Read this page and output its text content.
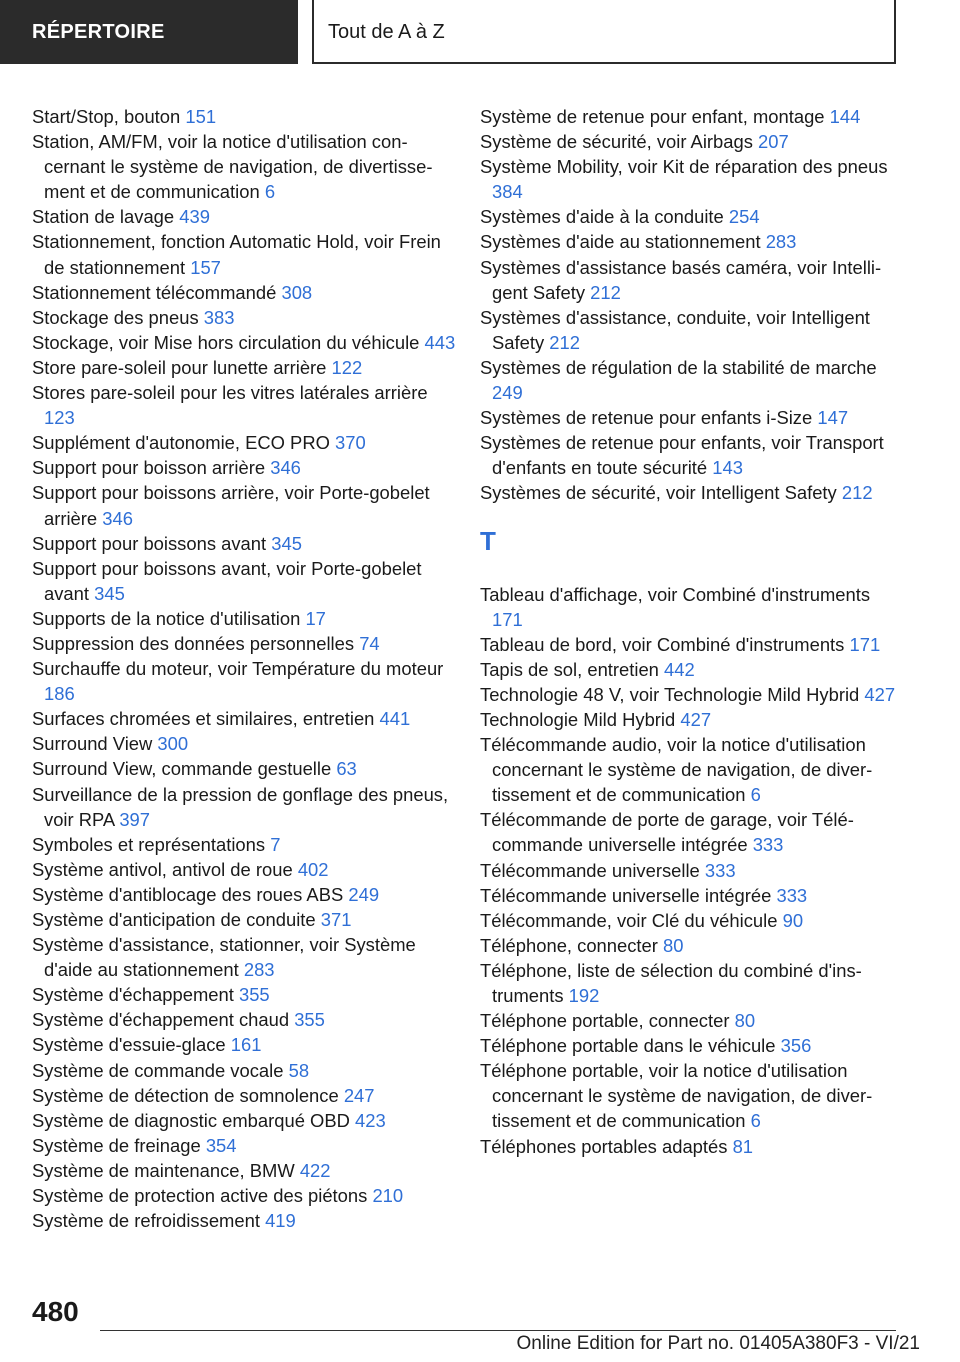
RÉPERTOIRE	Tout de A à Z
Start/Stop, bouton 151
Station, AM/FM, voir la notice d'utilisation concernant le système de navigation, de divertissement et de communication 6
Station de lavage 439
Stationnement, fonction Automatic Hold, voir Frein de stationnement 157
Stationnement télécommandé 308
Stockage des pneus 383
Stockage, voir Mise hors circulation du véhicule 443
Store pare-soleil pour lunette arrière 122
Stores pare-soleil pour les vitres latérales arrière 123
Supplément d'autonomie, ECO PRO 370
Support pour boisson arrière 346
Support pour boissons arrière, voir Porte-gobelet arrière 346
Support pour boissons avant 345
Support pour boissons avant, voir Porte-gobelet avant 345
Supports de la notice d'utilisation 17
Suppression des données personnelles 74
Surchauffe du moteur, voir Température du moteur 186
Surfaces chromées et similaires, entretien 441
Surround View 300
Surround View, commande gestuelle 63
Surveillance de la pression de gonflage des pneus, voir RPA 397
Symboles et représentations 7
Système antivol, antivol de roue 402
Système d'antiblocage des roues ABS 249
Système d'anticipation de conduite 371
Système d'assistance, stationner, voir Système d'aide au stationnement 283
Système d'échappement 355
Système d'échappement chaud 355
Système d'essuie-glace 161
Système de commande vocale 58
Système de détection de somnolence 247
Système de diagnostic embarqué OBD 423
Système de freinage 354
Système de maintenance, BMW 422
Système de protection active des piétons 210
Système de refroidissement 419
Système de retenue pour enfant, montage 144
Système de sécurité, voir Airbags 207
Système Mobility, voir Kit de réparation des pneus 384
Systèmes d'aide à la conduite 254
Systèmes d'aide au stationnement 283
Systèmes d'assistance basés caméra, voir Intelligent Safety 212
Systèmes d'assistance, conduite, voir Intelligent Safety 212
Systèmes de régulation de la stabilité de marche 249
Systèmes de retenue pour enfants i-Size 147
Systèmes de retenue pour enfants, voir Transport d'enfants en toute sécurité 143
Systèmes de sécurité, voir Intelligent Safety 212
T
Tableau d'affichage, voir Combiné d'instruments 171
Tableau de bord, voir Combiné d'instruments 171
Tapis de sol, entretien 442
Technologie 48 V, voir Technologie Mild Hybrid 427
Technologie Mild Hybrid 427
Télécommande audio, voir la notice d'utilisation concernant le système de navigation, de divertissement et de communication 6
Télécommande de porte de garage, voir Télécommande universelle intégrée 333
Télécommande universelle 333
Télécommande universelle intégrée 333
Télécommande, voir Clé du véhicule 90
Téléphone, connecter 80
Téléphone, liste de sélection du combiné d'instruments 192
Téléphone portable, connecter 80
Téléphone portable dans le véhicule 356
Téléphone portable, voir la notice d'utilisation concernant le système de navigation, de divertissement et de communication 6
Téléphones portables adaptés 81
480
Online Edition for Part no. 01405A380F3 - VI/21
